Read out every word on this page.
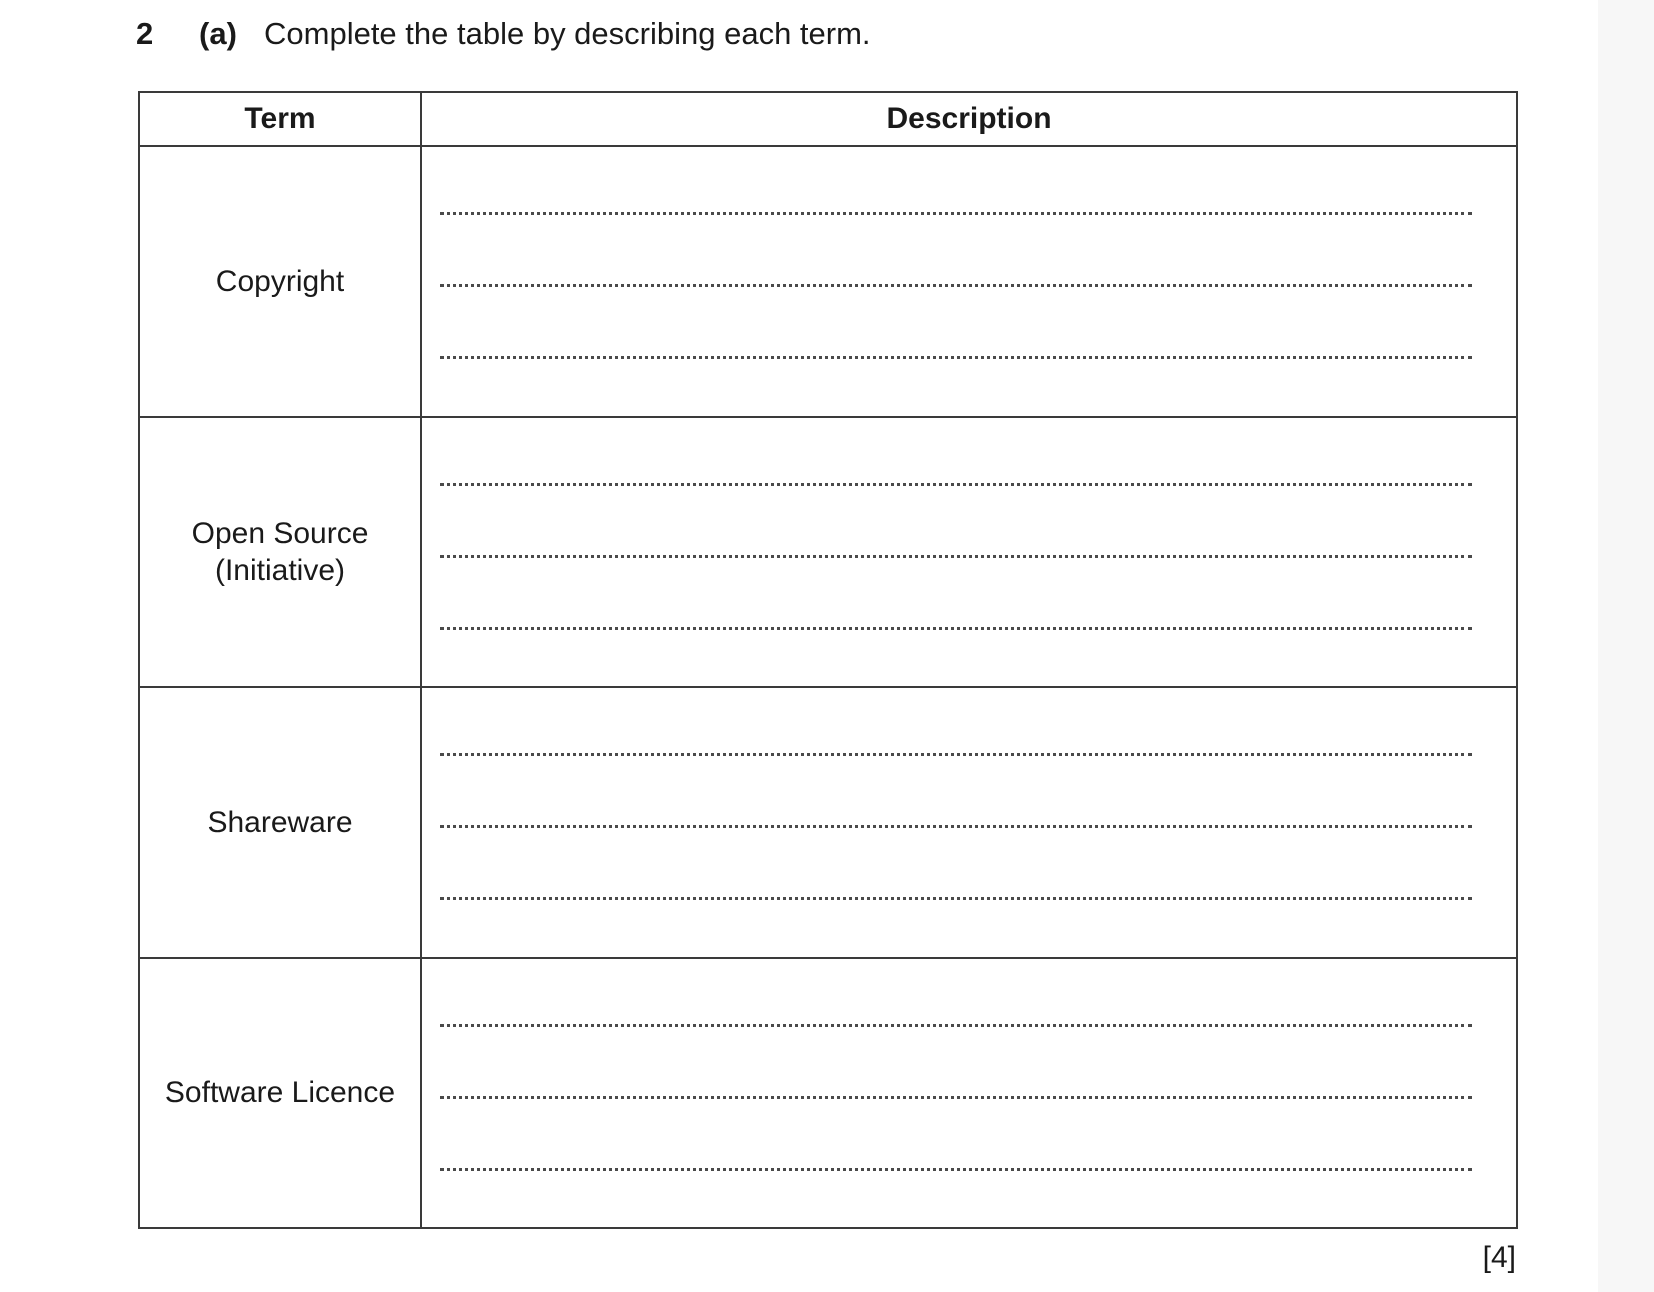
2 (a) Complete the table by describing each term.
Term	Description

Copyright	

Open Source
(Initiative)	

Shareware	

Software Licence	

[4]
